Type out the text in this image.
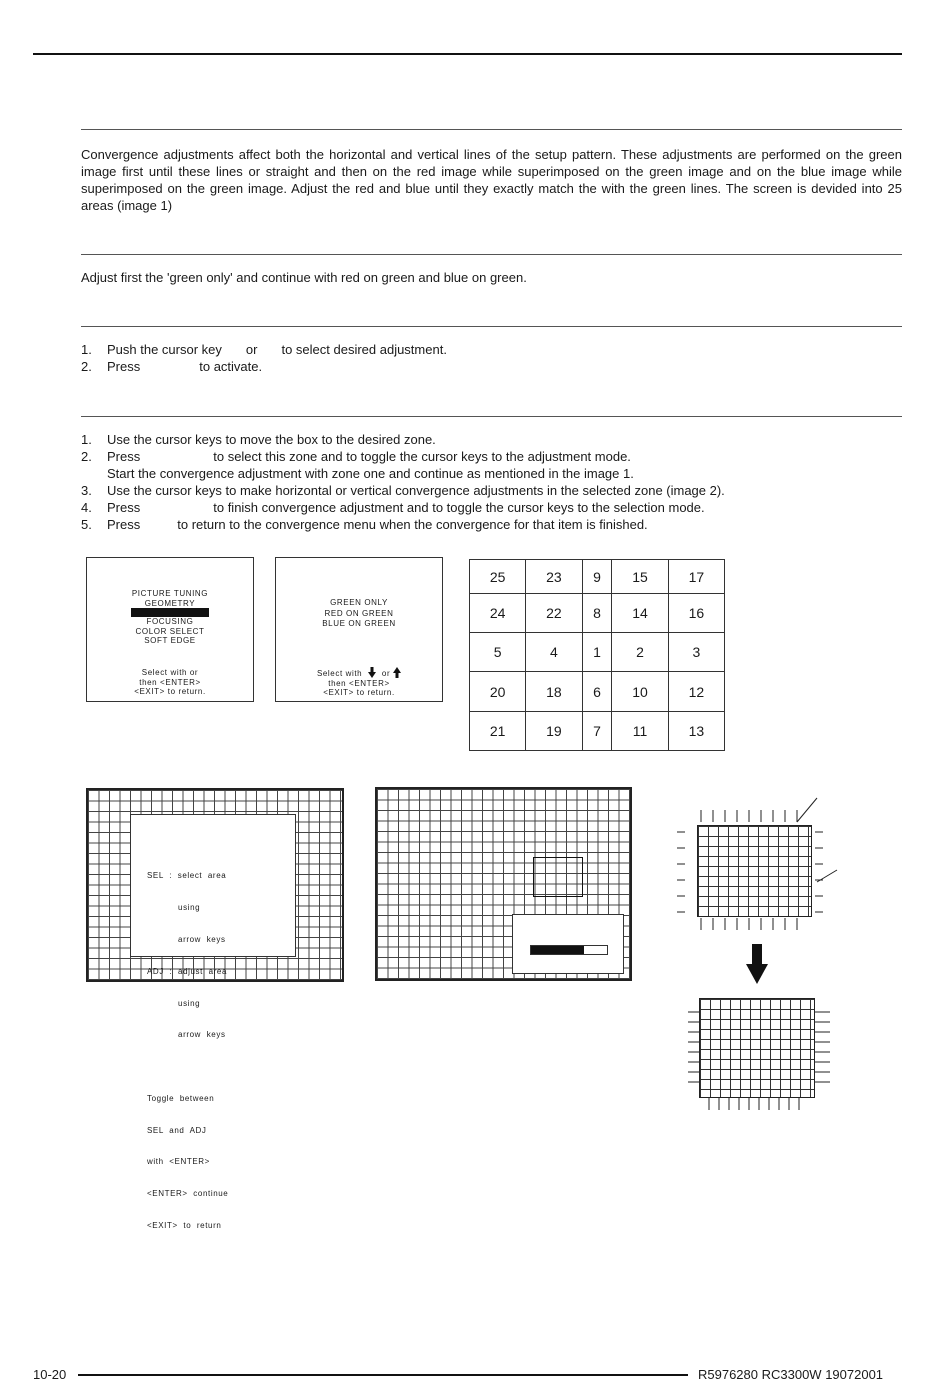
Convergence adjustments affect both the horizontal and vertical lines of the setup pattern. These adjustments are performed on the green image first until these lines or straight and then on the red image while superimposed on the green image and on the blue image while superimposed on the green image. Adjust the red and blue until they exactly match the with the green lines. The screen is devided into 25 areas (image 1)
Adjust first the 'green only' and continue with red on green and blue on green.
1. Push the cursor key or to select desired adjustment.
2. Press	to activate.
1. Use the cursor keys to move the box to the desired zone.
2. Press	to select this zone and to toggle the cursor keys to the adjustment mode.
Start the convergence adjustment with zone one and continue as mentioned in the image 1.
3. Use the cursor keys to make horizontal or vertical convergence adjustments in the selected zone (image 2).
4. Press	to finish convergence adjustment and to toggle the cursor keys to the selection mode.
5. Press	to return to the convergence menu when the convergence for that item is finished.
PICTURE TUNING
GEOMETRY
FOCUSING
COLOR SELECT
SOFT EDGE
Select with or
then <ENTER>
<EXIT> to return.
GREEN ONLY
RED ON GREEN
BLUE ON GREEN
Select with or
then <ENTER>
<EXIT> to return.
25	23	9	15	17
24	22	8	14	16
5	4	1	2	3
20	18	6	10	12
21	19	7	11	13

SEL  :  select  area

using

arrow  keys

ADJ  :  adjust  area

using

arrow  keys

Toggle  between

SEL  and  ADJ

with  <ENTER>

<ENTER>  continue

<EXIT>  to  return

10-20	R5976280 RC3300W 19072001
